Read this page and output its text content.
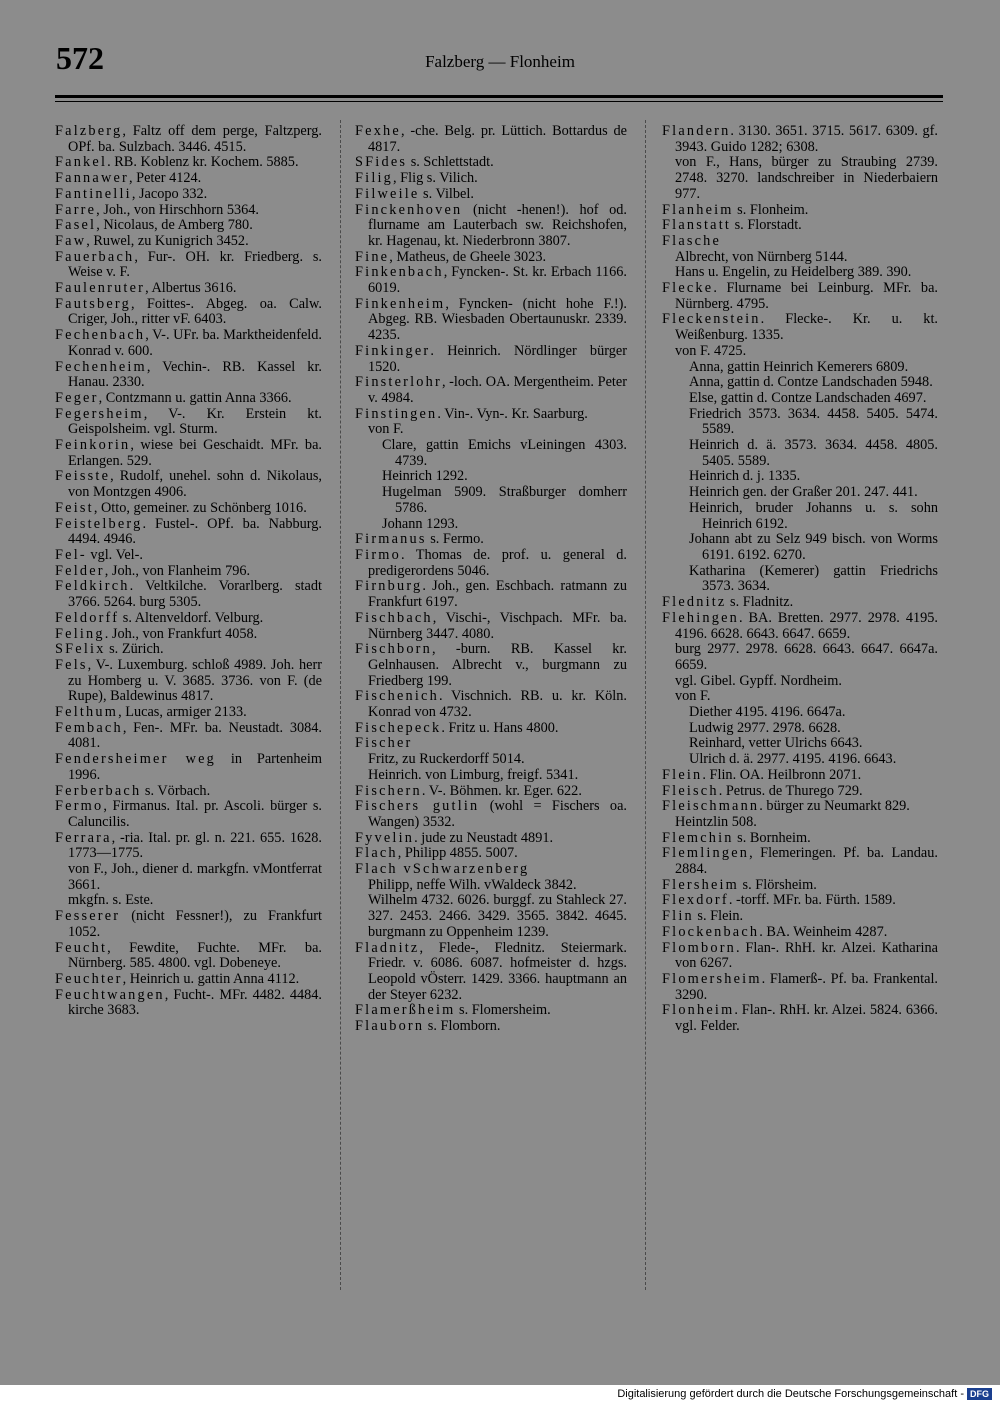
572	Falzberg — Flonheim
Falzberg, Faltz off dem perge, Faltzperg. OPf. ba. Sulzbach. 3446. 4515.
Fankel. RB. Koblenz kr. Kochem. 5885.
Fannawer, Peter 4124.
Fantinelli, Jacopo 332.
Farre, Joh., von Hirschhorn 5364.
Fasel, Nicolaus, de Amberg 780.
Faw, Ruwel, zu Kunigrich 3452.
Fauerbach, Fur-. OH. kr. Friedberg. s. Weise v. F.
Faulenruter, Albertus 3616.
Fautsberg, Foittes-. Abgeg. oa. Calw. Criger, Joh., ritter vF. 6403.
Fechenbach, V-. UFr. ba. Marktheidenfeld. Konrad v. 600.
Fechenheim, Vechin-. RB. Kassel kr. Hanau. 2330.
Feger, Contzmann u. gattin Anna 3366.
Fegersheim, V-. Kr. Erstein kt. Geispolsheim. vgl. Sturm.
Feinkorin, wiese bei Geschaidt. MFr. ba. Erlangen. 529.
Feisste, Rudolf, unehel. sohn d. Nikolaus, von Montzgen 4906.
Feist, Otto, gemeiner. zu Schönberg 1016.
Feistelberg. Fustel-. OPf. ba. Nabburg. 4494. 4946.
Fel- vgl. Vel-.
Felder, Joh., von Flanheim 796.
Feldkirch. Veltkilche. Vorarlberg. stadt 3766. 5264. burg 5305.
Feldorff s. Altenveldorf. Velburg.
Feling. Joh., von Frankfurt 4058.
SFelix s. Zürich.
Fels, V-. Luxemburg. schloß 4989. Joh. herr zu Homberg u. V. 3685. 3736. von F. (de Rupe), Baldewinus 4817.
Felthum, Lucas, armiger 2133.
Fembach, Fen-. MFr. ba. Neustadt. 3084. 4081.
Fendersheimer weg in Partenheim 1996.
Ferberbach s. Vörbach.
Fermo, Firmanus. Ital. pr. Ascoli. bürger s. Caluncilis.
Ferrara, -ria. Ital. pr. gl. n. 221. 655. 1628. 1773—1775.
von F., Joh., diener d. markgfn. vMontferrat 3661.
mkgfn. s. Este.
Fesserer (nicht Fessner!), zu Frankfurt 1052.
Feucht, Fewdite, Fuchte. MFr. ba. Nürnberg. 585. 4800. vgl. Dobeneye.
Feuchter, Heinrich u. gattin Anna 4112.
Feuchtwangen, Fucht-. MFr. 4482. 4484. kirche 3683.
Fexhe, -che. Belg. pr. Lüttich. Bottardus de 4817.
SFides s. Schlettstadt.
Filig, Flig s. Vilich.
Filweile s. Vilbel.
Finckenhoven (nicht -henen!). hof od. flurname am Lauterbach sw. Reichshofen, kr. Hagenau, kt. Niederbronn 3807.
Fine, Matheus, de Gheele 3023.
Finkenbach, Fyncken-. St. kr. Erbach 1166. 6019.
Finkenheim, Fyncken- (nicht hohe F.!). Abgeg. RB. Wiesbaden Obertaunuskr. 2339. 4235.
Finkinger. Heinrich. Nördlinger bürger 1520.
Finsterlohr, -loch. OA. Mergentheim. Peter v. 4984.
Finstingen. Vin-. Vyn-. Kr. Saarburg.
von F.
Clare, gattin Emichs vLeiningen 4303. 4739.
Heinrich 1292.
Hugelman 5909. Straßburger domherr 5786.
Johann 1293.
Firmanus s. Fermo.
Firmo. Thomas de. prof. u. general d. predigerordens 5046.
Firnburg. Joh., gen. Eschbach. ratmann zu Frankfurt 6197.
Fischbach, Vischi-, Vischpach. MFr. ba. Nürnberg 3447. 4080.
Fischborn, -burn. RB. Kassel kr. Gelnhausen. Albrecht v., burgmann zu Friedberg 199.
Fischenich. Vischnich. RB. u. kr. Köln. Konrad von 4732.
Fischepeck. Fritz u. Hans 4800.
Fischer
Fritz, zu Ruckerdorff 5014.
Heinrich. von Limburg, freigf. 5341.
Fischern. V-. Böhmen. kr. Eger. 622.
Fischers gutlin (wohl = Fischers oa. Wangen) 3532.
Fyvelin. jude zu Neustadt 4891.
Flach, Philipp 4855. 5007.
Flach vSchwarzenberg
Philipp, neffe Wilh. vWaldeck 3842.
Wilhelm 4732. 6026. burggf. zu Stahleck 27. 327. 2453. 2466. 3429. 3565. 3842. 4645. burgmann zu Oppenheim 1239.
Fladnitz, Flede-, Flednitz. Steiermark. Friedr. v. 6086. 6087. hofmeister d. hzgs. Leopold vÖsterr. 1429. 3366. hauptmann an der Steyer 6232.
Flamerßheim s. Flomersheim.
Flauborn s. Flomborn.
Flandern. 3130. 3651. 3715. 5617. 6309. gf. 3943. Guido 1282; 6308.
von F., Hans, bürger zu Straubing 2739. 2748. 3270. landschreiber in Niederbaiern 977.
Flanheim s. Flonheim.
Flanstatt s. Florstadt.
Flasche
Albrecht, von Nürnberg 5144.
Hans u. Engelin, zu Heidelberg 389. 390.
Flecke. Flurname bei Leinburg. MFr. ba. Nürnberg. 4795.
Fleckenstein. Flecke-. Kr. u. kt. Weißenburg. 1335.
von F. 4725.
Anna, gattin Heinrich Kemerers 6809.
Anna, gattin d. Contze Landschaden 5948.
Else, gattin d. Contze Landschaden 4697.
Friedrich 3573. 3634. 4458. 5405. 5474. 5589.
Heinrich d. ä. 3573. 3634. 4458. 4805. 5405. 5589.
Heinrich d. j. 1335.
Heinrich gen. der Graßer 201. 247. 441.
Heinrich, bruder Johanns u. s. sohn Heinrich 6192.
Johann abt zu Selz 949 bisch. von Worms 6191. 6192. 6270.
Katharina (Kemerer) gattin Friedrichs 3573. 3634.
Flednitz s. Fladnitz.
Flehingen. BA. Bretten. 2977. 2978. 4195. 4196. 6628. 6643. 6647. 6659.
burg 2977. 2978. 6628. 6643. 6647. 6647a. 6659.
vgl. Gibel. Gypff. Nordheim.
von F.
Diether 4195. 4196. 6647a.
Ludwig 2977. 2978. 6628.
Reinhard, vetter Ulrichs 6643.
Ulrich d. ä. 2977. 4195. 4196. 6643.
Flein. Flin. OA. Heilbronn 2071.
Fleisch. Petrus. de Thurego 729.
Fleischmann. bürger zu Neumarkt 829.
Heintzlin 508.
Flemchin s. Bornheim.
Flemlingen, Flemeringen. Pf. ba. Landau. 2884.
Flersheim s. Flörsheim.
Flexdorf. -torff. MFr. ba. Fürth. 1589.
Flin s. Flein.
Flockenbach. BA. Weinheim 4287.
Flomborn. Flan-. RhH. kr. Alzei. Katharina von 6267.
Flomersheim. Flamerß-. Pf. ba. Frankental. 3290.
Flonheim. Flan-. RhH. kr. Alzei. 5824. 6366. vgl. Felder.
Digitalisierung gefördert durch die Deutsche Forschungsgemeinschaft - DFG
